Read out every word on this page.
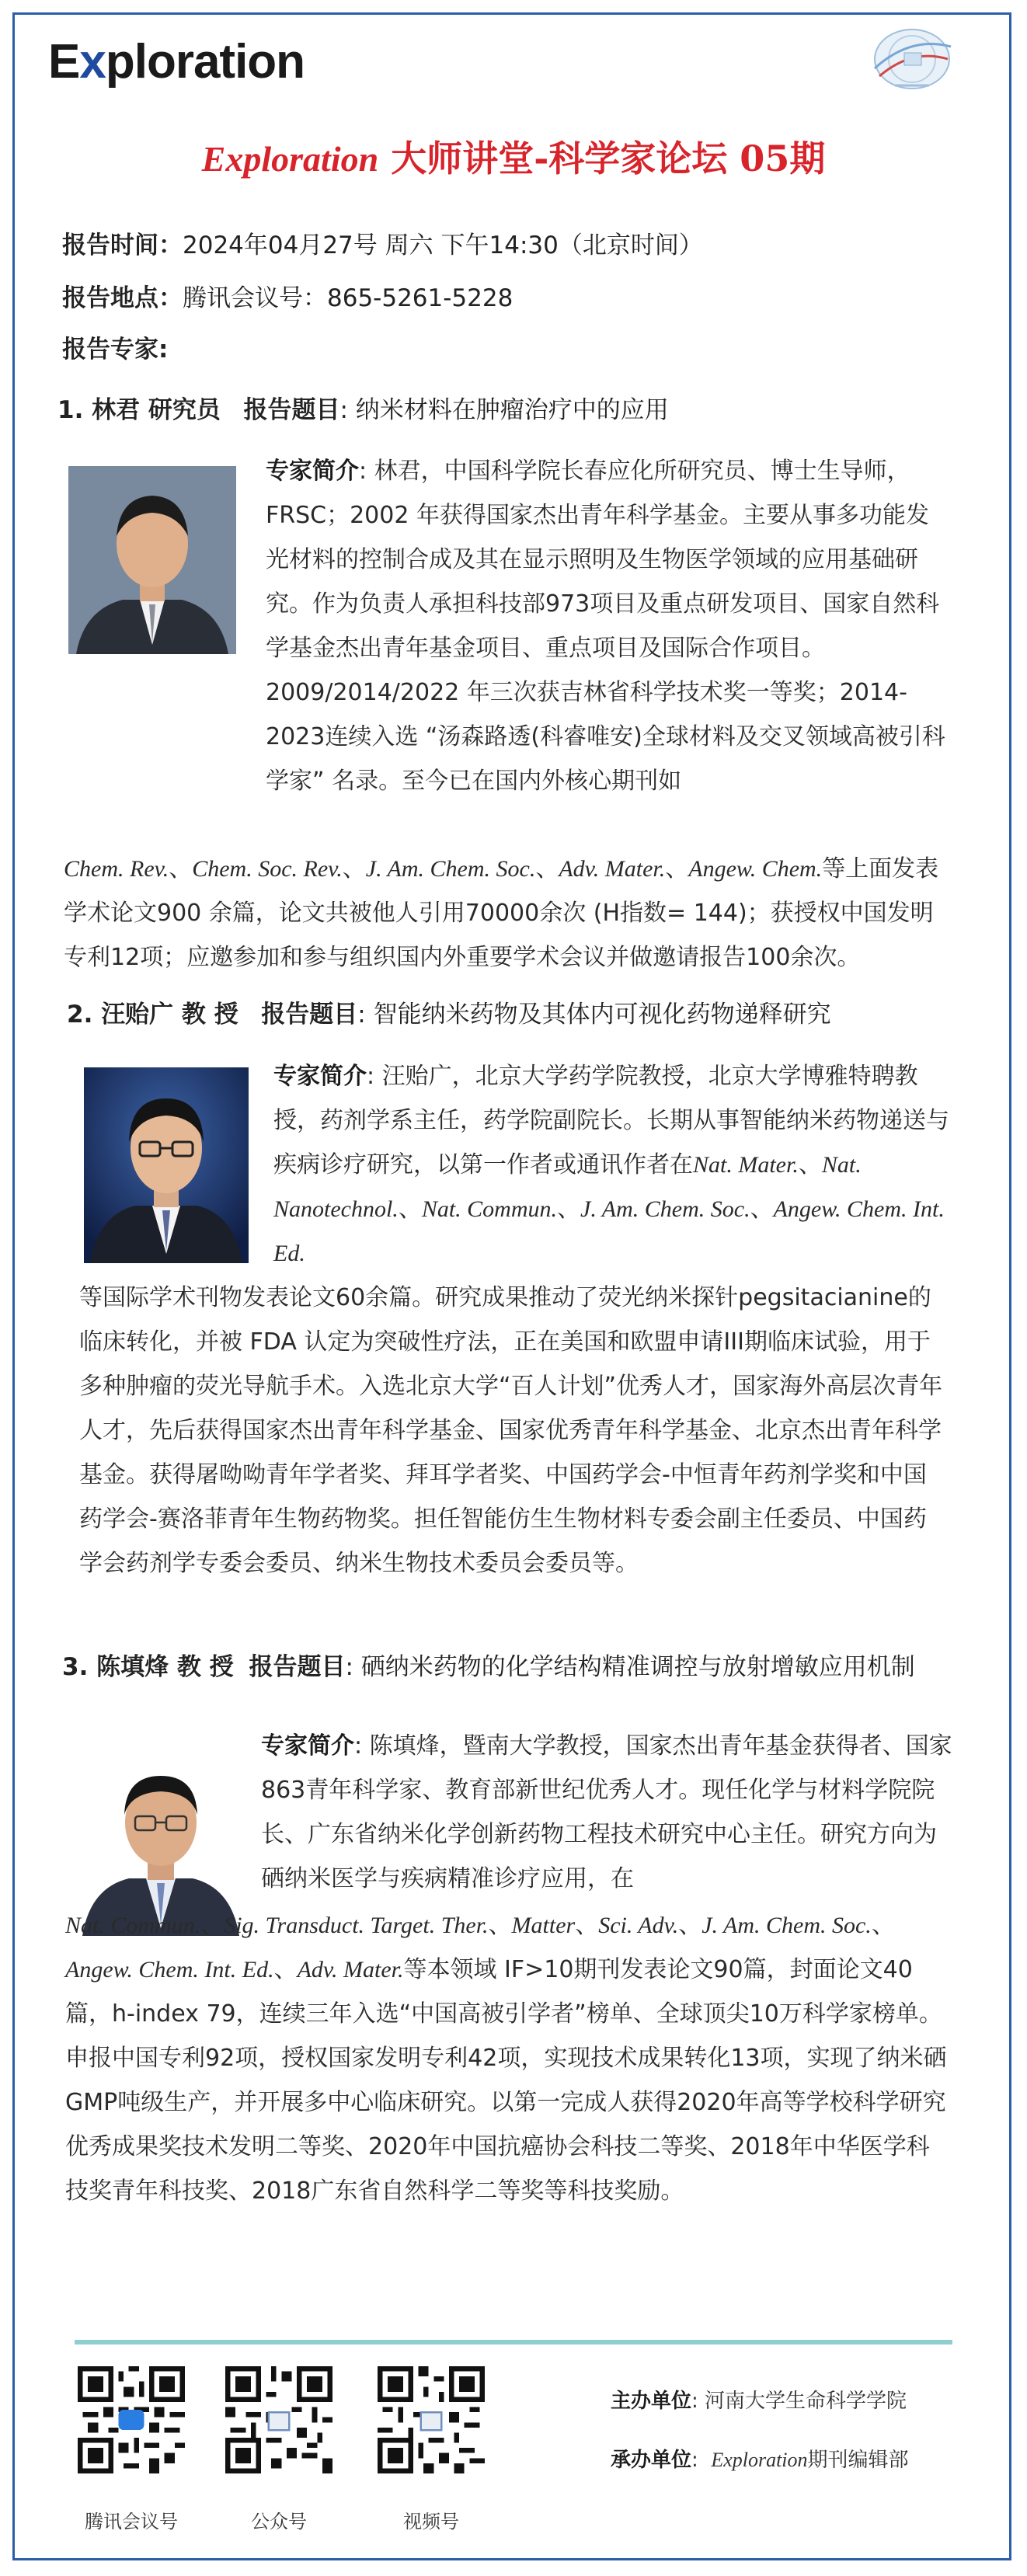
Exploration
Exploration 大师讲堂-科学家论坛 05期
报告时间：2024年04月27号 周六 下午14:30（北京时间）
报告地点：腾讯会议号：865-5261-5228
报告专家:
1. 林君 研究员 报告题目: 纳米材料在肿瘤治疗中的应用

专家简介: 林君，中国科学院长春应化所研究员、博士生导师，FRSC；2002 年获得国家杰出青年科学基金。主要从事多功能发光材料的控制合成及其在显示照明及生物医学领域的应用基础研究。作为负责人承担科技部973项目及重点研发项目、国家自然科学基金杰出青年基金项目、重点项目及国际合作项目。2009/2014/2022 年三次获吉林省科学技术奖一等奖；2014-2023连续入选 “汤森路透(科睿唯安)全球材料及交叉领域高被引科学家” 名录。至今已在国内外核心期刊如

Chem. Rev.、Chem. Soc. Rev.、J. Am. Chem. Soc.、Adv. Mater.、Angew. Chem.等上面发表学术论文900 余篇，论文共被他人引用70000余次 (H指数= 144)；获授权中国发明专利12项；应邀参加和参与组织国内外重要学术会议并做邀请报告100余次。

2. 汪贻广 教 授 报告题目: 智能纳米药物及其体内可视化药物递释研究

专家简介: 汪贻广，北京大学药学院教授，北京大学博雅特聘教授，药剂学系主任，药学院副院长。长期从事智能纳米药物递送与疾病诊疗研究，以第一作者或通讯作者在Nat. Mater.、Nat. Nanotechnol.、Nat. Commun.、J. Am. Chem. Soc.、Angew. Chem. Int. Ed.

等国际学术刊物发表论文60余篇。研究成果推动了荧光纳米探针pegsitacianine的临床转化，并被 FDA 认定为突破性疗法，正在美国和欧盟申请III期临床试验，用于多种肿瘤的荧光导航手术。入选北京大学“百人计划”优秀人才，国家海外高层次青年人才，先后获得国家杰出青年科学基金、国家优秀青年科学基金、北京杰出青年科学基金。获得屠呦呦青年学者奖、拜耳学者奖、中国药学会-中恒青年药剂学奖和中国药学会-赛洛菲青年生物药物奖。担任智能仿生生物材料专委会副主任委员、中国药学会药剂学专委会委员、纳米生物技术委员会委员等。

3. 陈填烽 教 授 报告题目: 硒纳米药物的化学结构精准调控与放射增敏应用机制

专家简介: 陈填烽，暨南大学教授，国家杰出青年基金获得者、国家863青年科学家、教育部新世纪优秀人才。现任化学与材料学院院长、广东省纳米化学创新药物工程技术研究中心主任。研究方向为硒纳米医学与疾病精准诊疗应用，在

Nat. Commun.、Sig. Transduct. Target. Ther.、Matter、Sci. Adv.、J. Am. Chem. Soc.、Angew. Chem. Int. Ed.、Adv. Mater.等本领域 IF>10期刊发表论文90篇，封面论文40篇，h-index 79，连续三年入选“中国高被引学者”榜单、全球顶尖10万科学家榜单。申报中国专利92项，授权国家发明专利42项，实现技术成果转化13项，实现了纳米硒GMP吨级生产，并开展多中心临床研究。以第一完成人获得2020年高等学校科学研究优秀成果奖技术发明二等奖、2020年中国抗癌协会科技二等奖、2018年中华医学科技奖青年科技奖、2018广东省自然科学二等奖等科技奖励。

腾讯会议号	公众号	视频号
主办单位: 河南大学生命科学学院
承办单位:  Exploration期刊编辑部
